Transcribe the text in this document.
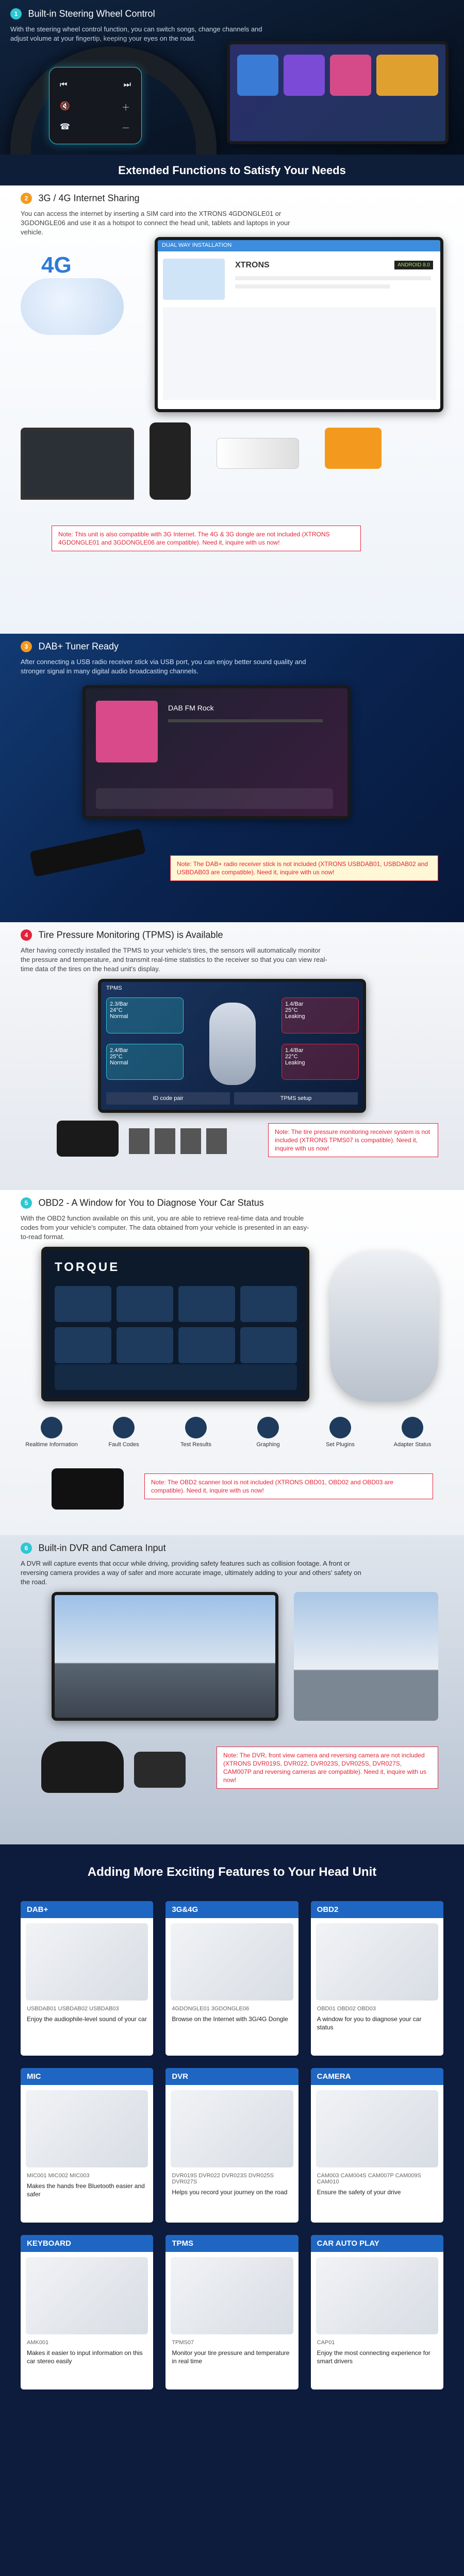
1 Built-in Steering Wheel Control
With the steering wheel control function, you can switch songs, change channels and adjust volume at your fingertip, keeping your eyes on the road.
⏮	⏭
🔇	＋
☎	－
Extended Functions to Satisfy Your Needs
2 3G / 4G Internet Sharing
You can access the internet by inserting a SIM card into the XTRONS 4GDONGLE01 or 3GDONGLE06 and use it as a hotspot to connect the head unit, tablets and laptops in your vehicle.
4G
DUAL WAY INSTALLATION
XTRONS	ANDROID 8.0
Note: This unit is also compatible with 3G Internet. The 4G & 3G dongle are not included (XTRONS 4GDONGLE01 and 3GDONGLE06 are compatible). Need it, inquire with us now!
3 DAB+ Tuner Ready
After connecting a USB radio receiver stick via USB port, you can enjoy better sound quality and stronger signal in many digital audio broadcasting channels.
DAB FM Rock
Note: The DAB+ radio receiver stick is not included (XTRONS USBDAB01, USBDAB02 and USBDAB03 are compatible). Need it, inquire with us now!
4 Tire Pressure Monitoring (TPMS) is Available
After having correctly installed the TPMS to your vehicle's tires, the sensors will automatically monitor the pressure and temperature, and transmit real-time statistics to the receiver so that you can view real-time data of the tires on the head unit's display.
TPMS
2.3/Bar
24°C
Normal
1.4/Bar
25°C
Leaking
2.4/Bar
25°C
Normal
1.4/Bar
22°C
Leaking
ID code pair	TPMS setup
Note: The tire pressure monitoring receiver system is not included (XTRONS TPMS07 is compatible). Need it, inquire with us now!
5 OBD2 - A Window for You to Diagnose Your Car Status
With the OBD2 function available on this unit, you are able to retrieve real-time data and trouble codes from your vehicle's computer. The data obtained from your vehicle is presented in an easy-to-read format.
TORQUE
Realtime Information	Fault Codes	Test Results	Graphing	Set Plugins	Adapter Status
Note: The OBD2 scanner tool is not included (XTRONS OBD01, OBD02 and OBD03 are compatible). Need it, inquire with us now!
6 Built-in DVR and Camera Input
A DVR will capture events that occur while driving, providing safety features such as collision footage. A front or reversing camera provides a way of safer and more accurate image, ultimately adding to your and others' safety on the road.
Note: The DVR, front view camera and reversing camera are not included (XTRONS DVR019S, DVR022, DVR023S, DVR025S, DVR027S, CAM007P and reversing cameras are compatible). Need it, inquire with us now!
Adding More Exciting Features to Your Head Unit
DAB+
USBDAB01 USBDAB02 USBDAB03
Enjoy the audiophile-level sound of your car
3G&4G
4GDONGLE01 3GDONGLE06
Browse on the Internet with 3G/4G Dongle
OBD2
OBD01 OBD02 OBD03
A window for you to diagnose your car status
MIC
MIC001 MIC002 MIC003
Makes the hands free Bluetooth easier and safer
DVR
DVR019S DVR022 DVR023S DVR025S DVR027S
Helps you record your journey on the road
CAMERA
CAM003 CAM004S CAM007P CAM009S CAM010
Ensure the safety of your drive
KEYBOARD
AMK001
Makes it easier to input information on this car stereo easily
TPMS
TPMS07
Monitor your tire pressure and temperature in real time
CAR AUTO PLAY
CAP01
Enjoy the most connecting experience for smart drivers
